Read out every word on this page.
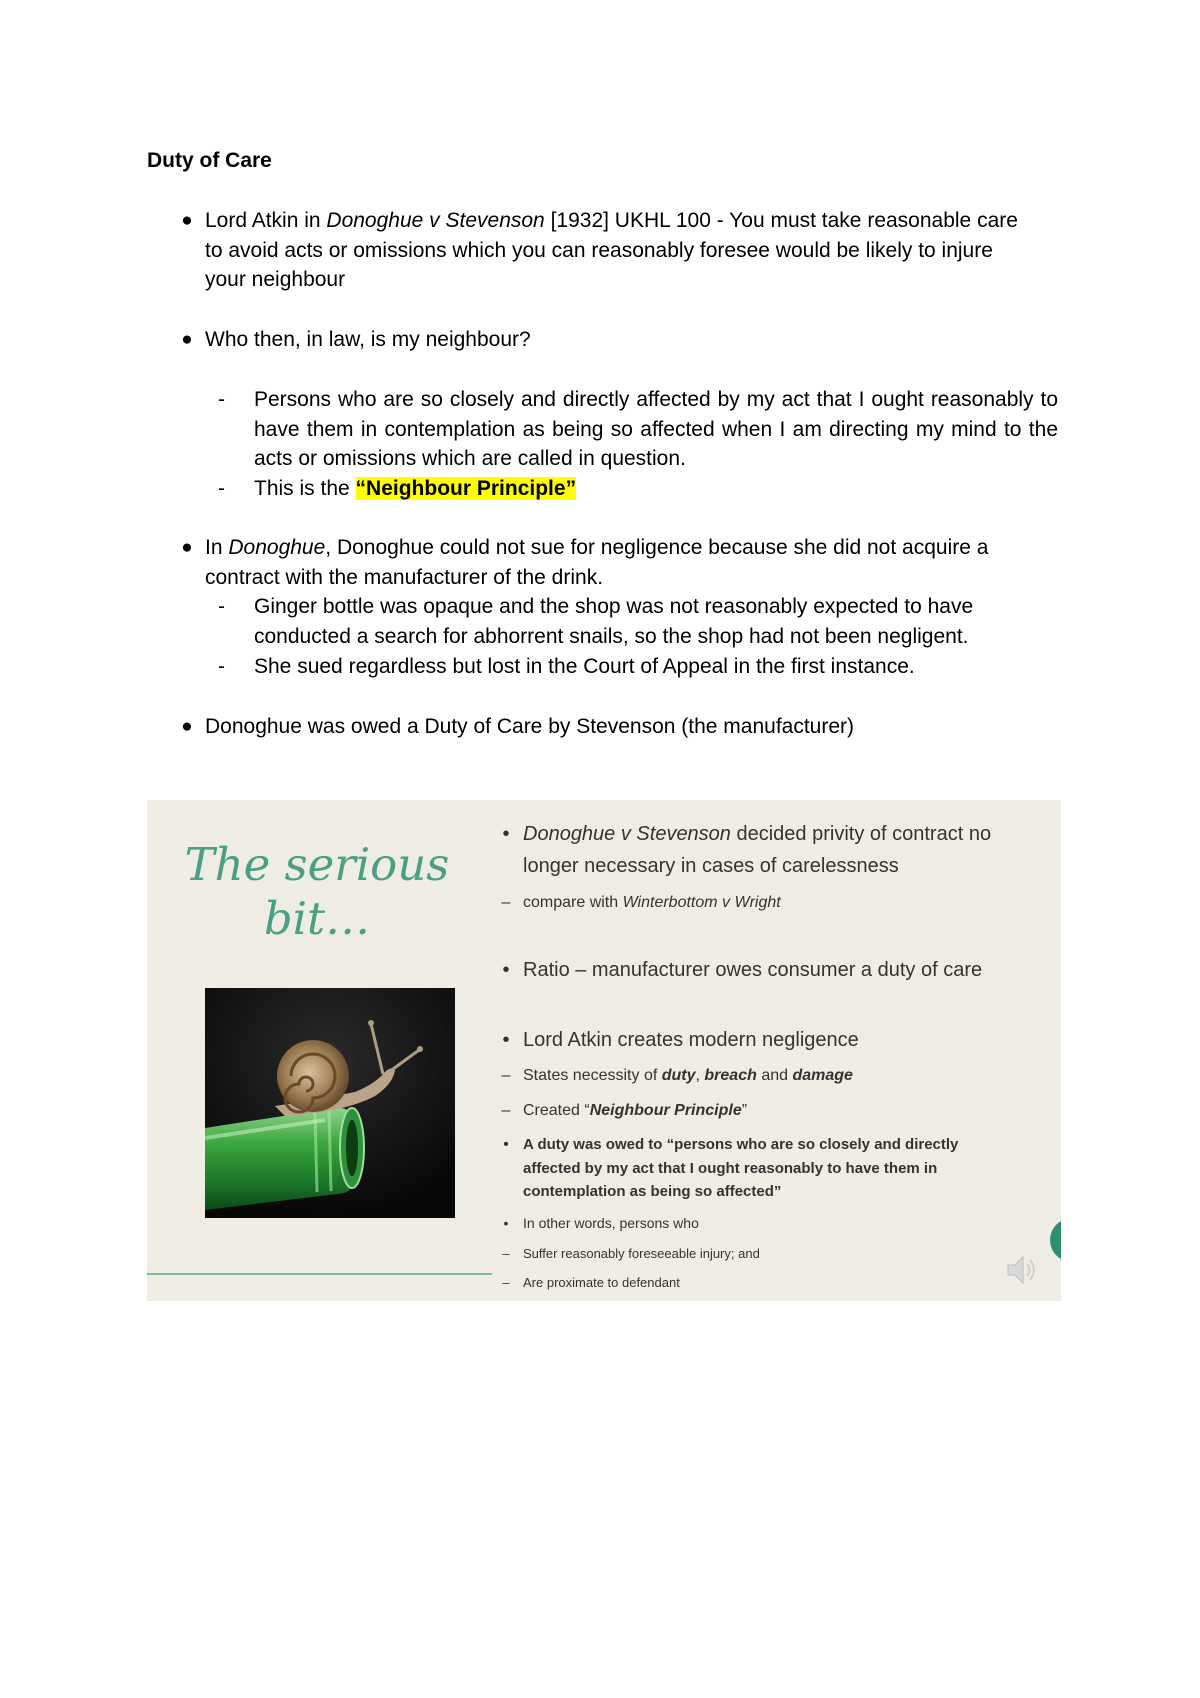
Duty of Care
● Lord Atkin in Donoghue v Stevenson [1932] UKHL 100 - You must take reasonable care to avoid acts or omissions which you can reasonably foresee would be likely to injure your neighbour
● Who then, in law, is my neighbour?
- Persons who are so closely and directly affected by my act that I ought reasonably to have them in contemplation as being so affected when I am directing my mind to the acts or omissions which are called in question.
- This is the “Neighbour Principle”
● In Donoghue, Donoghue could not sue for negligence because she did not acquire a contract with the manufacturer of the drink.
- Ginger bottle was opaque and the shop was not reasonably expected to have conducted a search for abhorrent snails, so the shop had not been negligent.
- She sued regardless but lost in the Court of Appeal in the first instance.
● Donoghue was owed a Duty of Care by Stevenson (the manufacturer)
The serious
bit…
• Donoghue v Stevenson decided privity of contract no longer necessary in cases of carelessness
– compare with Winterbottom v Wright
• Ratio – manufacturer owes consumer a duty of care
• Lord Atkin creates modern negligence
– States necessity of duty, breach and damage
– Created “Neighbour Principle”
• A duty was owed to “persons who are so closely and directly affected by my act that I ought reasonably to have them in contemplation as being so affected”
•	In other words, persons who
–	Suffer reasonably foreseeable injury; and
–	Are proximate to defendant
